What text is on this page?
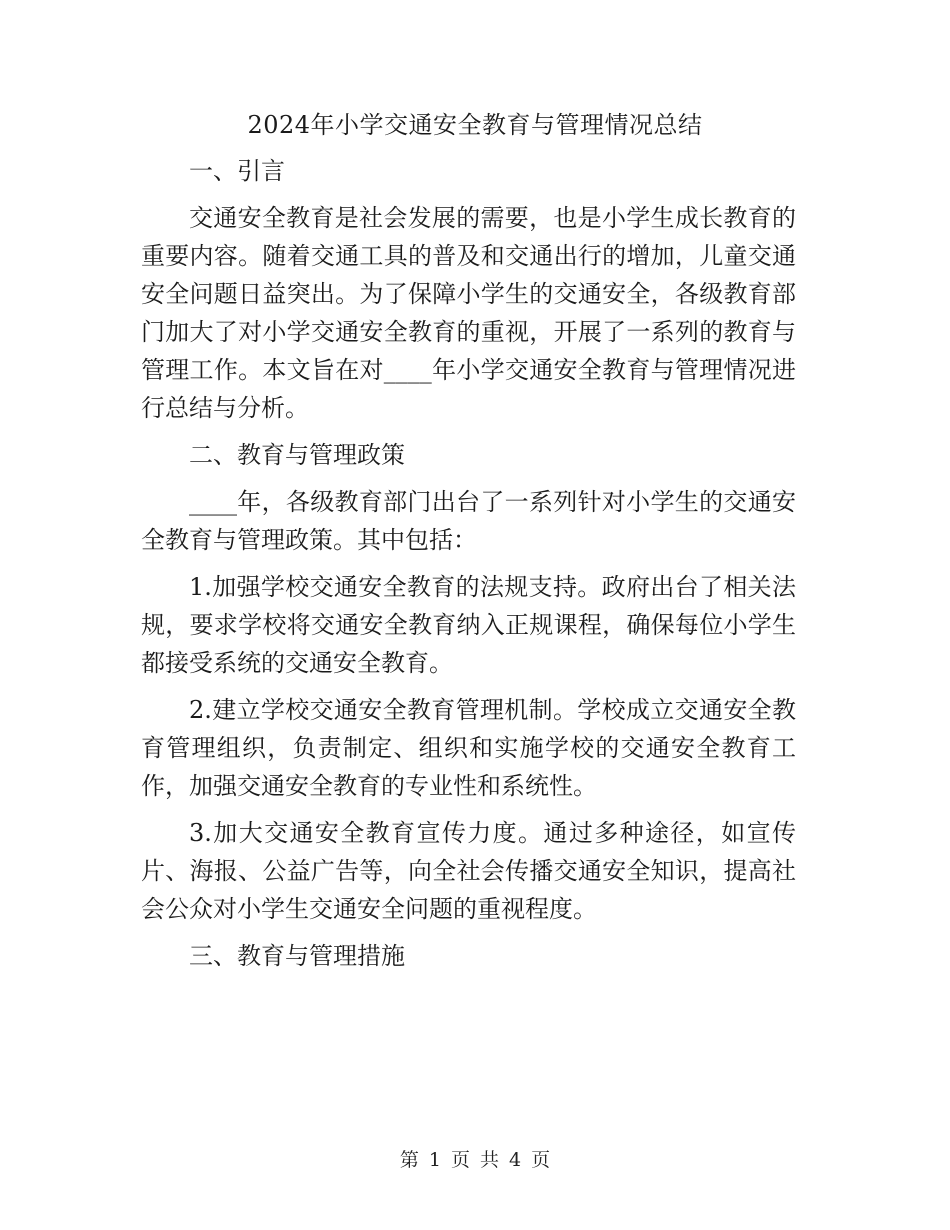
2024年小学交通安全教育与管理情况总结

一、引言

交通安全教育是社会发展的需要，也是小学生成长教育的重要内容。随着交通工具的普及和交通出行的增加，儿童交通安全问题日益突出。为了保障小学生的交通安全，各级教育部门加大了对小学交通安全教育的重视，开展了一系列的教育与管理工作。本文旨在对____年小学交通安全教育与管理情况进行总结与分析。

二、教育与管理政策

____年，各级教育部门出台了一系列针对小学生的交通安全教育与管理政策。其中包括：

1.加强学校交通安全教育的法规支持。政府出台了相关法规，要求学校将交通安全教育纳入正规课程，确保每位小学生都接受系统的交通安全教育。

2.建立学校交通安全教育管理机制。学校成立交通安全教育管理组织，负责制定、组织和实施学校的交通安全教育工作，加强交通安全教育的专业性和系统性。

3.加大交通安全教育宣传力度。通过多种途径，如宣传片、海报、公益广告等，向全社会传播交通安全知识，提高社会公众对小学生交通安全问题的重视程度。

三、教育与管理措施

第 1 页 共 4 页
